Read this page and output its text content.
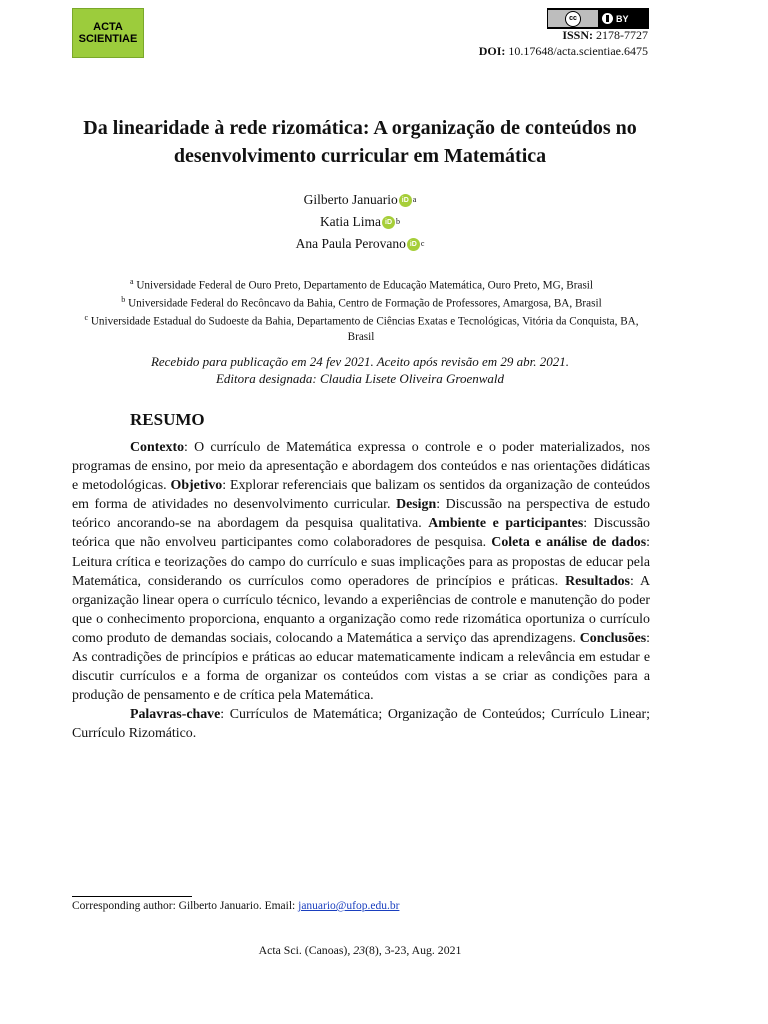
ACTA
SCIENTIAE
cc	BY
ISSN: 2178-7727
DOI: 10.17648/acta.scientiae.6475
Da linearidade à rede rizomática: A organização de conteúdos no desenvolvimento curricular em Matemática
Gilberto Januario iD a
Katia Lima iD b
Ana Paula Perovano iD c
$^a$ Universidade Federal de Ouro Preto, Departamento de Educação Matemática, Ouro Preto, MG, Brasil
$^b$ Universidade Federal do Recôncavo da Bahia, Centro de Formação de Professores, Amargosa, BA, Brasil
$^c$ Universidade Estadual do Sudoeste da Bahia, Departamento de Ciências Exatas e Tecnológicas, Vitória da Conquista, BA, Brasil
Recebido para publicação em 24 fev 2021. Aceito após revisão em 29 abr. 2021.
Editora designada: Claudia Lisete Oliveira Groenwald
RESUMO

Contexto: O currículo de Matemática expressa o controle e o poder materializados, nos programas de ensino, por meio da apresentação e abordagem dos conteúdos e nas orientações didáticas e metodológicas. Objetivo: Explorar referenciais que balizam os sentidos da organização de conteúdos em forma de atividades no desenvolvimento curricular. Design: Discussão na perspectiva de estudo teórico ancorando-se na abordagem da pesquisa qualitativa. Ambiente e participantes: Discussão teórica que não envolveu participantes como colaboradores de pesquisa. Coleta e análise de dados: Leitura crítica e teorizações do campo do currículo e suas implicações para as propostas de educar pela Matemática, considerando os currículos como operadores de princípios e práticas. Resultados: A organização linear opera o currículo técnico, levando a experiências de controle e manutenção do poder que o conhecimento proporciona, enquanto a organização como rede rizomática oportuniza o currículo como produto de demandas sociais, colocando a Matemática a serviço das aprendizagens. Conclusões: As contradições de princípios e práticas ao educar matematicamente indicam a relevância em estudar e discutir currículos e a forma de organizar os conteúdos com vistas a se criar as condições para a produção de pensamento e de crítica pela Matemática.

Palavras-chave: Currículos de Matemática; Organização de Conteúdos; Currículo Linear; Currículo Rizomático.

Corresponding author: Gilberto Januario. Email: januario@ufop.edu.br
Acta Sci. (Canoas), 23(8), 3-23, Aug. 2021
